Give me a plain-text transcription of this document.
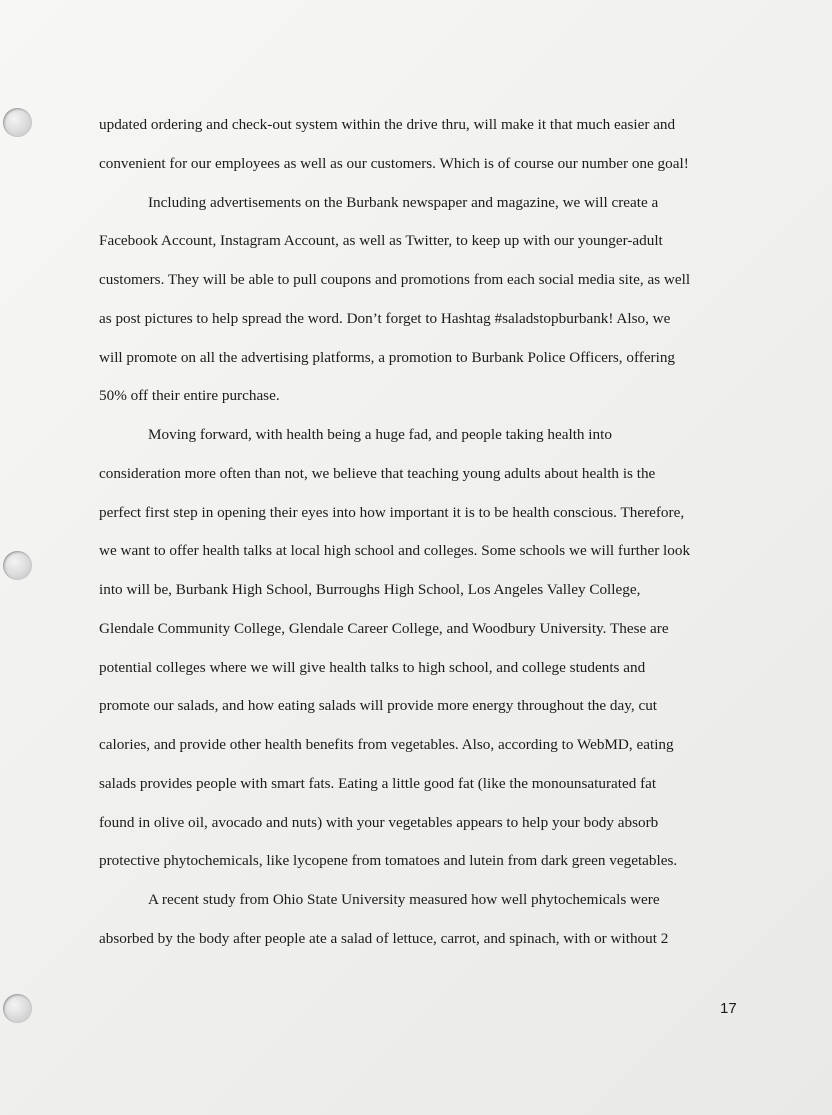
updated ordering and check-out system within the drive thru, will make it that much easier and
convenient for our employees as well as our customers. Which is of course our number one goal!
Including advertisements on the Burbank newspaper and magazine, we will create a
Facebook Account, Instagram Account, as well as Twitter, to keep up with our younger-adult
customers. They will be able to pull coupons and promotions from each social media site, as well
as post pictures to help spread the word. Don’t forget to Hashtag #saladstopburbank! Also, we
will promote on all the advertising platforms, a promotion to Burbank Police Officers, offering
50% off their entire purchase.
Moving forward, with health being a huge fad, and people taking health into
consideration more often than not, we believe that teaching young adults about health is the
perfect first step in opening their eyes into how important it is to be health conscious. Therefore,
we want to offer health talks at local high school and colleges. Some schools we will further look
into will be, Burbank High School, Burroughs High School, Los Angeles Valley College,
Glendale Community College, Glendale Career College, and Woodbury University. These are
potential colleges where we will give health talks to high school, and college students and
promote our salads, and how eating salads will provide more energy throughout the day, cut
calories, and provide other health benefits from vegetables. Also, according to WebMD, eating
salads provides people with smart fats. Eating a little good fat (like the monounsaturated fat
found in olive oil, avocado and nuts) with your vegetables appears to help your body absorb
protective phytochemicals, like lycopene from tomatoes and lutein from dark green vegetables.
A recent study from Ohio State University measured how well phytochemicals were
absorbed by the body after people ate a salad of lettuce, carrot, and spinach, with or without 2
17
